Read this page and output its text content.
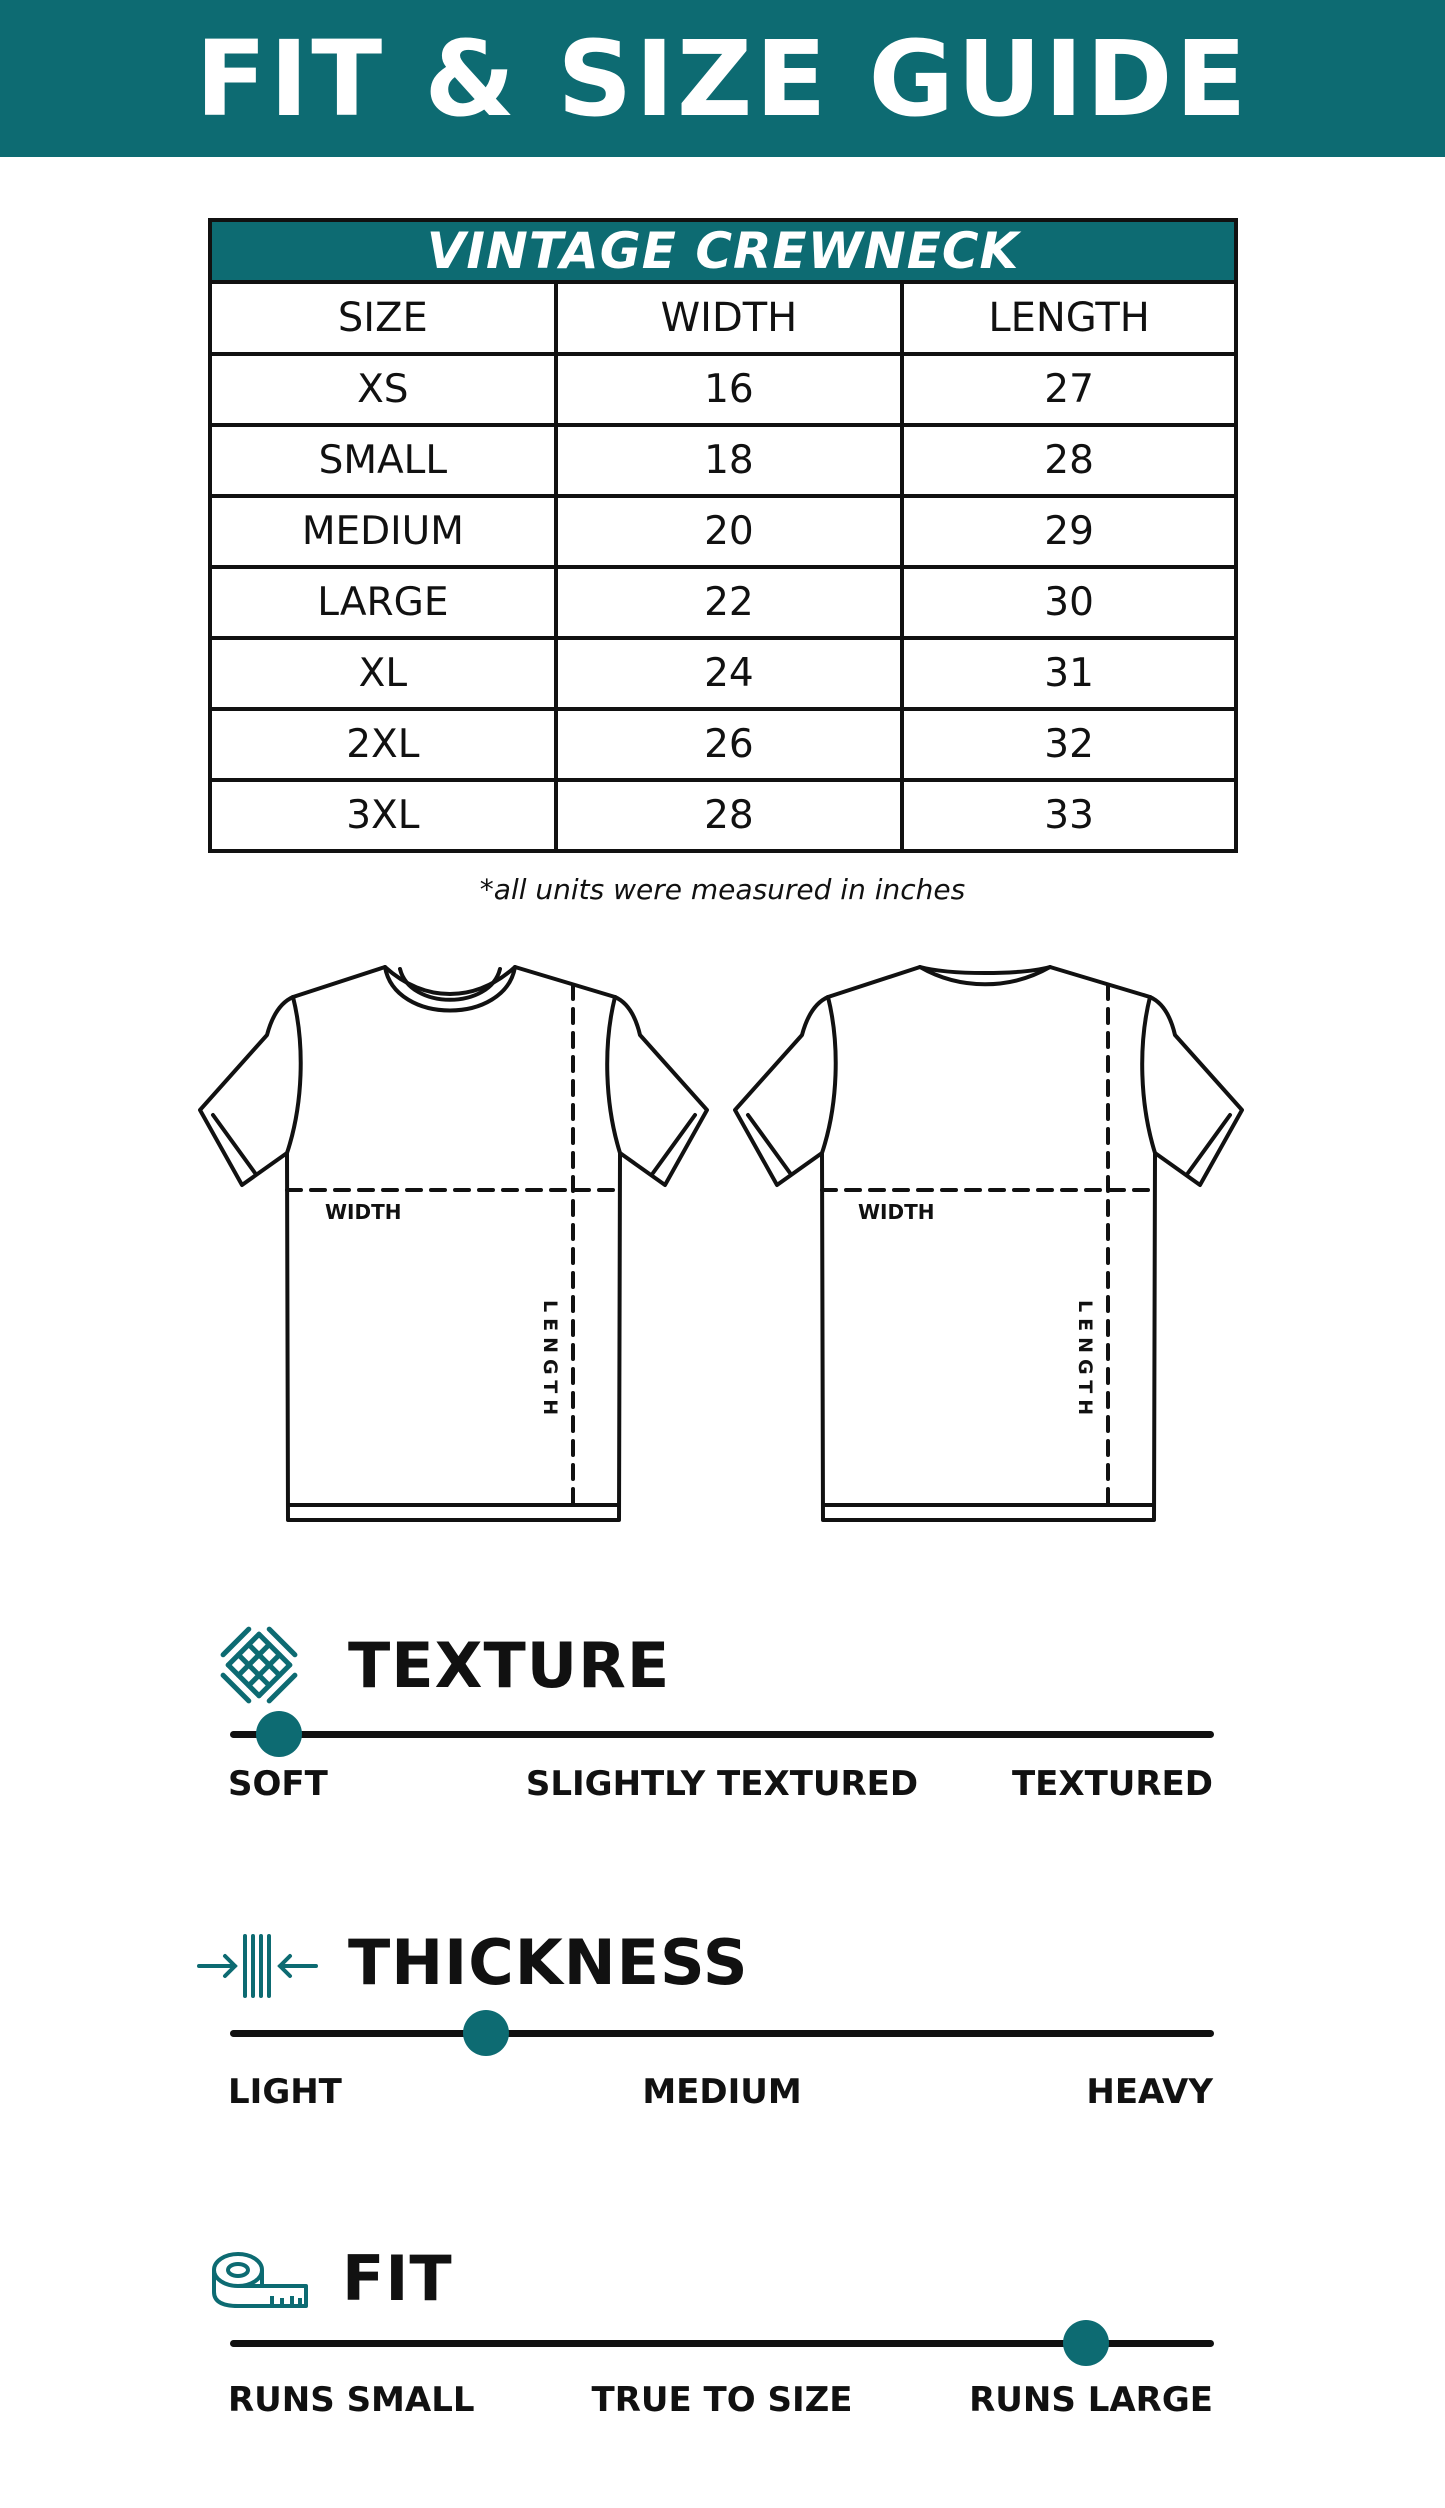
FIT & SIZE GUIDE
VINTAGE CREWNECK		
SIZE	WIDTH	LENGTH
XS	16	27
SMALL	18	28
MEDIUM	20	29
LARGE	22	30
XL	24	31
2XL	26	32
3XL	28	33
*all units were measured in inches
WIDTH
LENGTH
WIDTH
LENGTH
TEXTURE
SOFT	SLIGHTLY TEXTURED	TEXTURED
THICKNESS
LIGHT	MEDIUM	HEAVY
FIT
RUNS SMALL	TRUE TO SIZE	RUNS LARGE
